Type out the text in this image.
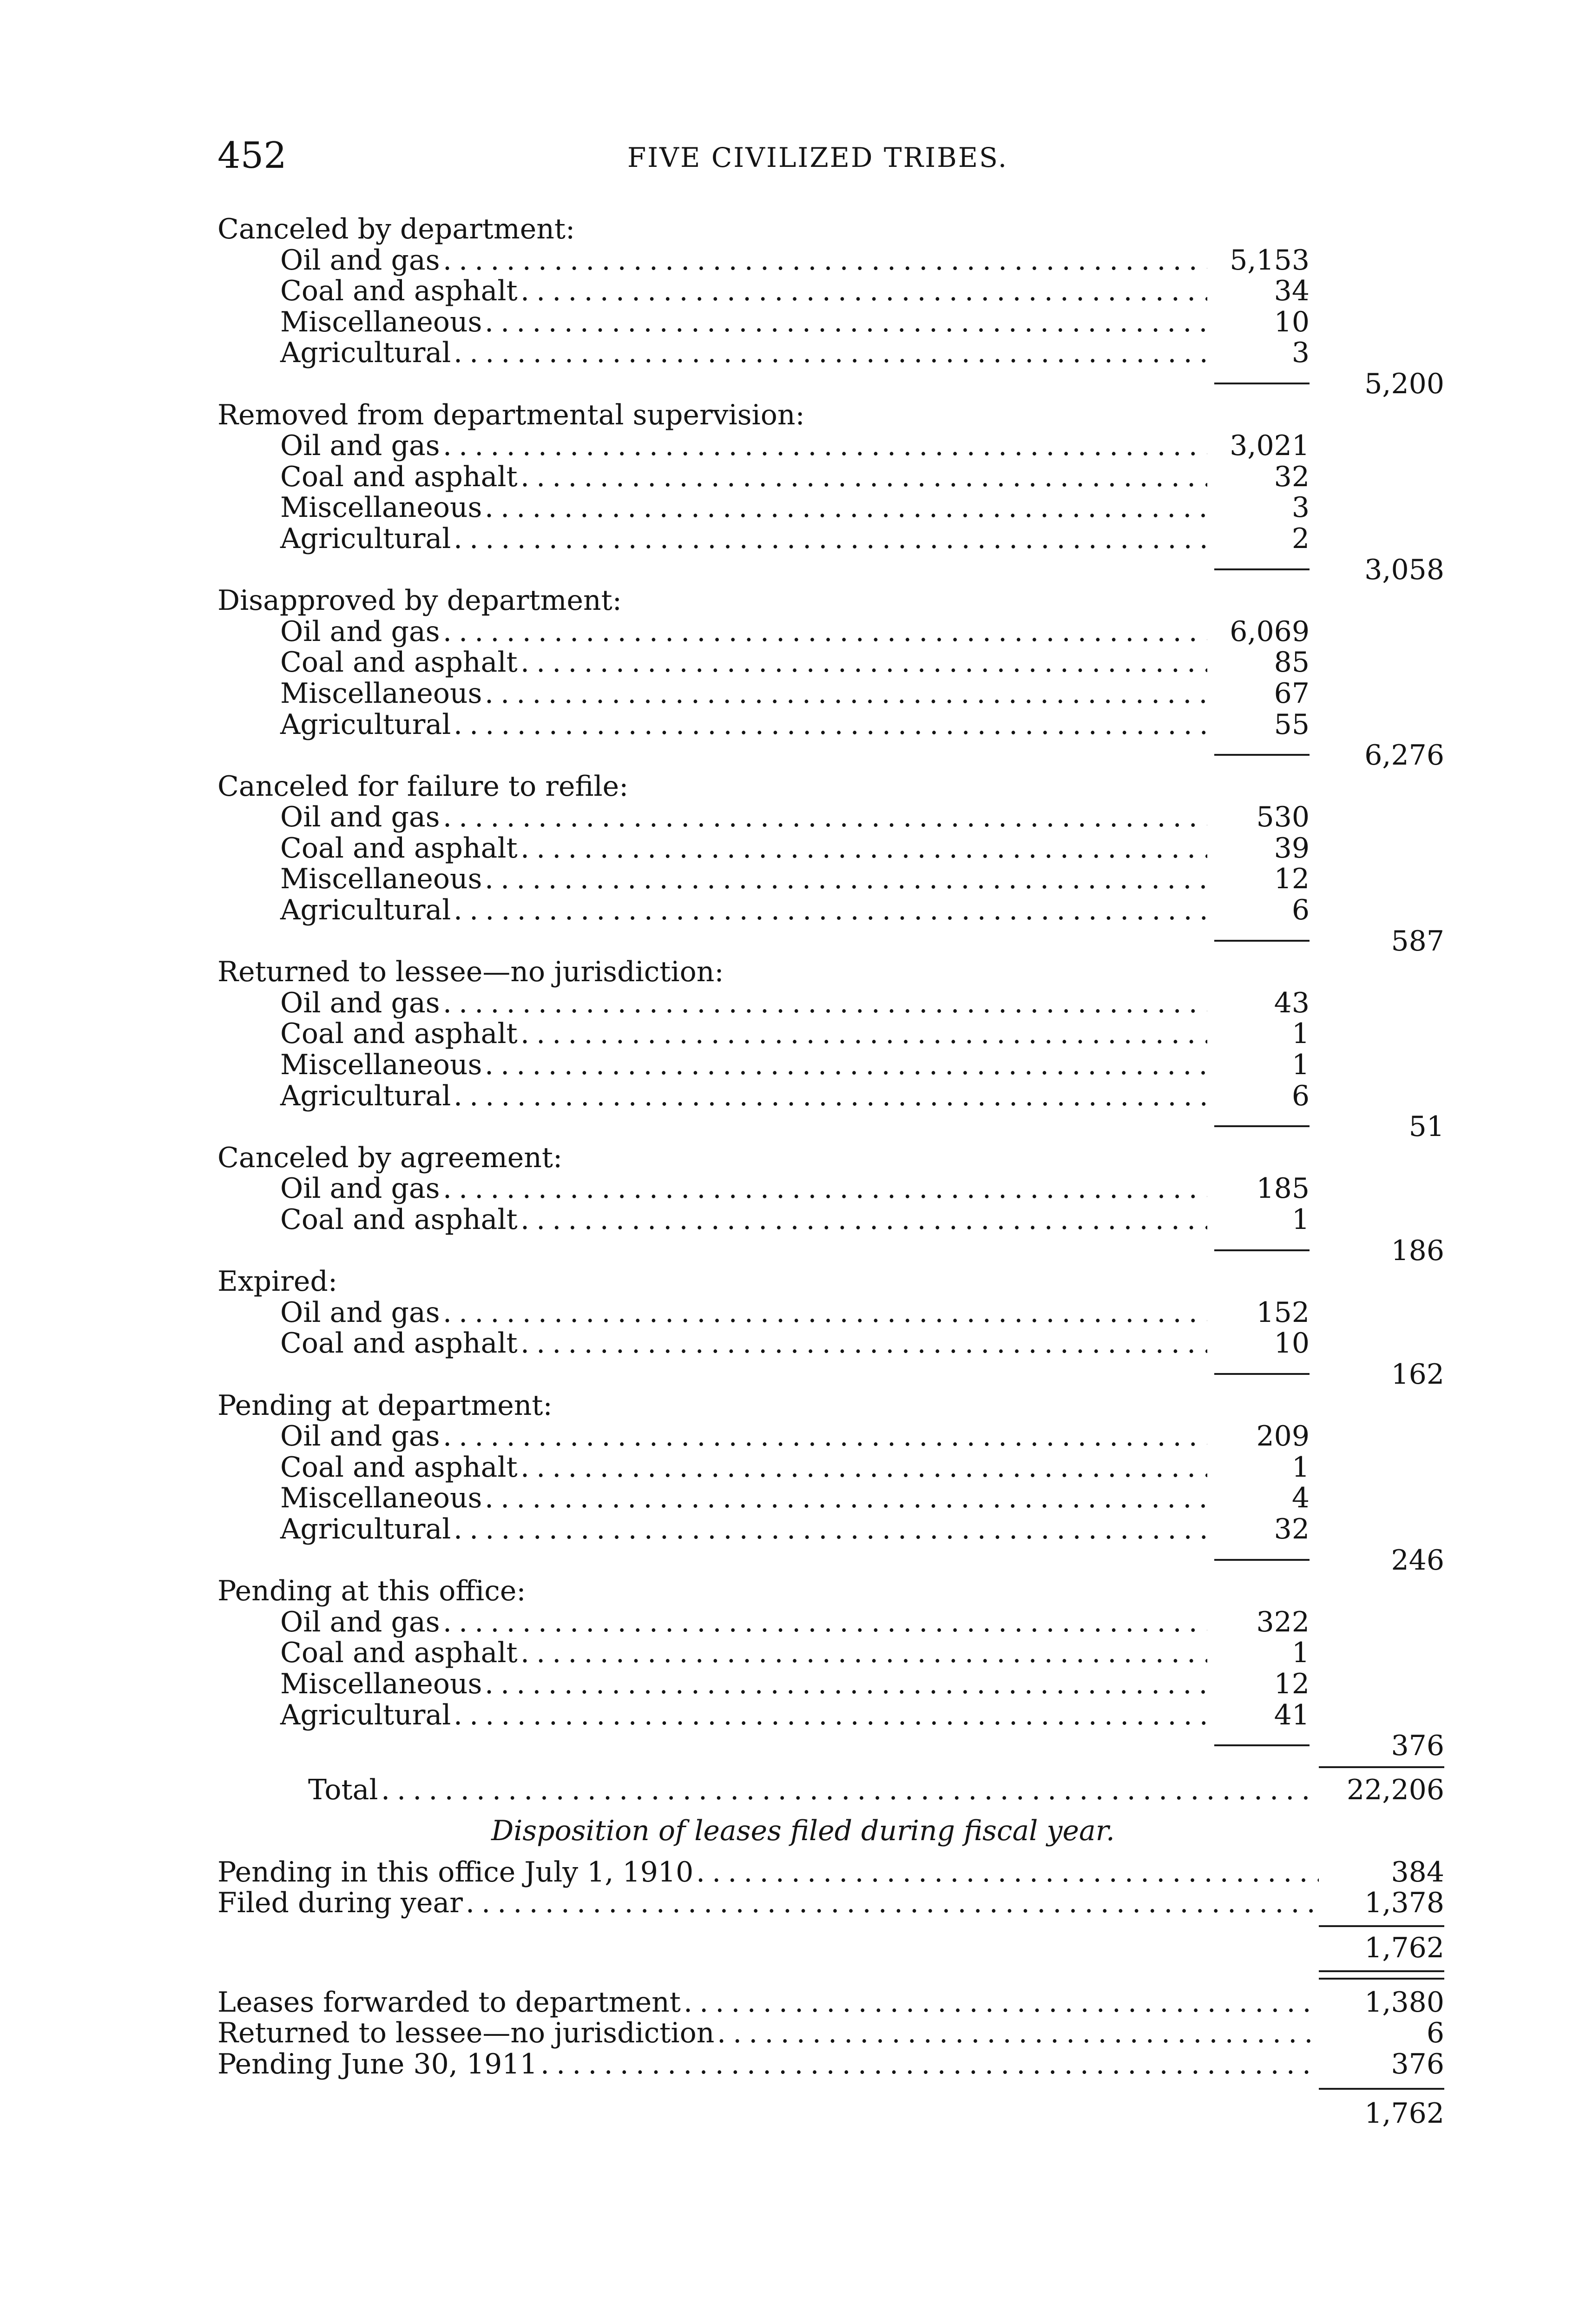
452	FIVE CIVILIZED TRIBES.
Canceled by department:
Oil and gas . . .	5,153
Coal and asphalt . . .	34
Miscellaneous . . .	10
Agricultural . . .	3
5,200
Removed from departmental supervision:
Oil and gas . . .	3,021
Coal and asphalt . . .	32
Miscellaneous . . .	3
Agricultural . . .	2
3,058
Disapproved by department:
Oil and gas . . .	6,069
Coal and asphalt . . .	85
Miscellaneous . . .	67
Agricultural . . .	55
6,276
Canceled for failure to refile:
Oil and gas . . .	530
Coal and asphalt . . .	39
Miscellaneous . . .	12
Agricultural . . .	6
587
Returned to lessee—no jurisdiction:
Oil and gas . . .	43
Coal and asphalt . . .	1
Miscellaneous . . .	1
Agricultural . . .	6
51
Canceled by agreement:
Oil and gas . . .	185
Coal and asphalt . . .	1
186
Expired:
Oil and gas . . .	152
Coal and asphalt . . .	10
162
Pending at department:
Oil and gas . . .	209
Coal and asphalt . . .	1
Miscellaneous . . .	4
Agricultural . . .	32
246
Pending at this office:
Oil and gas . . .	322
Coal and asphalt . . .	1
Miscellaneous . . .	12
Agricultural . . .	41
376
Total . . .	22,206
Disposition of leases filed during fiscal year.
Pending in this office July 1, 1910 . . .	384
Filed during year . . .	1,378
1,762
Leases forwarded to department . . .	1,380
Returned to lessee—no jurisdiction . . .	6
Pending June 30, 1911 . . .	376
1,762
